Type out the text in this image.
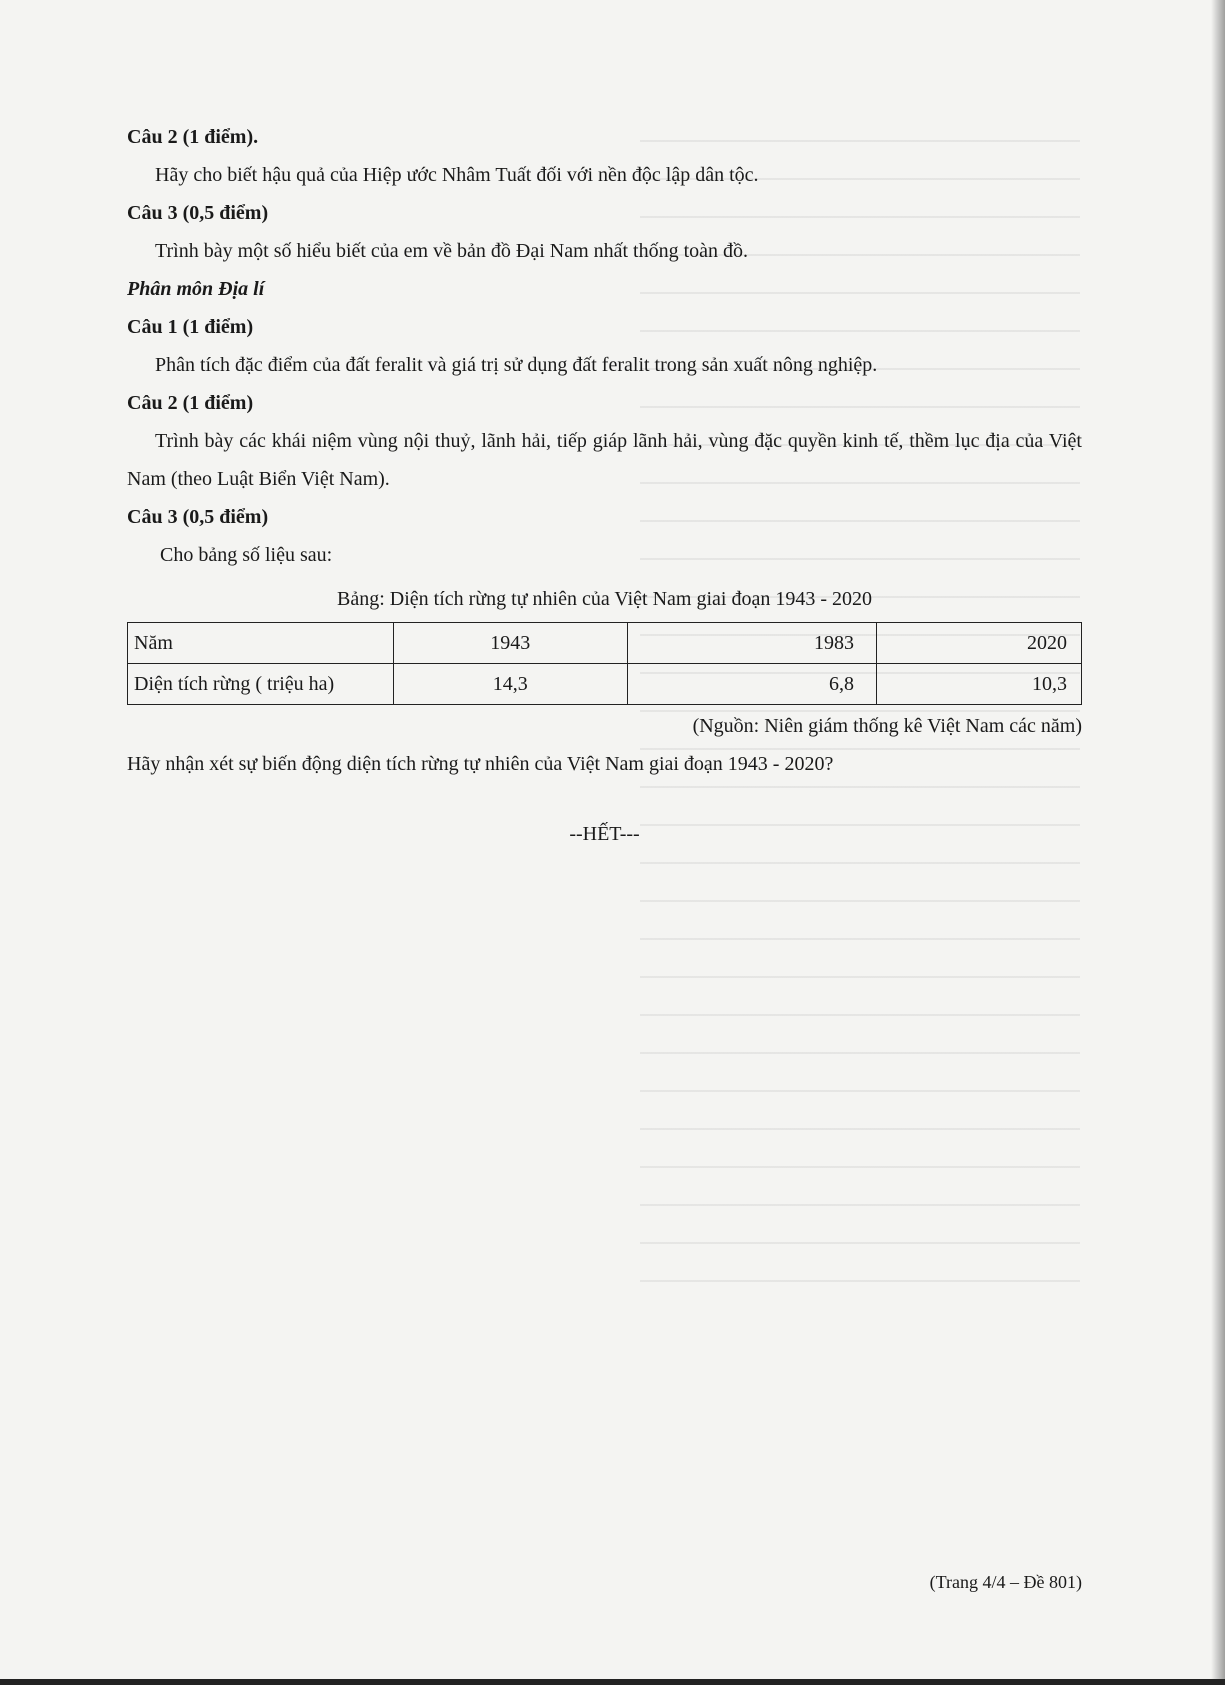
Câu 2 (1 điểm).

Hãy cho biết hậu quả của Hiệp ước Nhâm Tuất đối với nền độc lập dân tộc.

Câu 3 (0,5 điểm)

Trình bày một số hiểu biết của em về bản đồ Đại Nam nhất thống toàn đồ.

Phân môn Địa lí

Câu 1 (1 điểm)

Phân tích đặc điểm của đất feralit và giá trị sử dụng đất feralit trong sản xuất nông nghiệp.

Câu 2 (1 điểm)

Trình bày các khái niệm vùng nội thuỷ, lãnh hải, tiếp giáp lãnh hải, vùng đặc quyền kinh tế, thềm lục địa của Việt Nam (theo Luật Biển Việt Nam).

Câu 3 (0,5 điểm)

Cho bảng số liệu sau:

Bảng: Diện tích rừng tự nhiên của Việt Nam giai đoạn 1943 - 2020

Năm	1943	1983	2020
Diện tích rừng ( triệu ha)	14,3	6,8	10,3

(Nguồn: Niên giám thống kê Việt Nam các năm)

Hãy nhận xét sự biến động diện tích rừng tự nhiên của Việt Nam giai đoạn 1943 - 2020?

--HẾT---

(Trang 4/4 – Đề 801)
